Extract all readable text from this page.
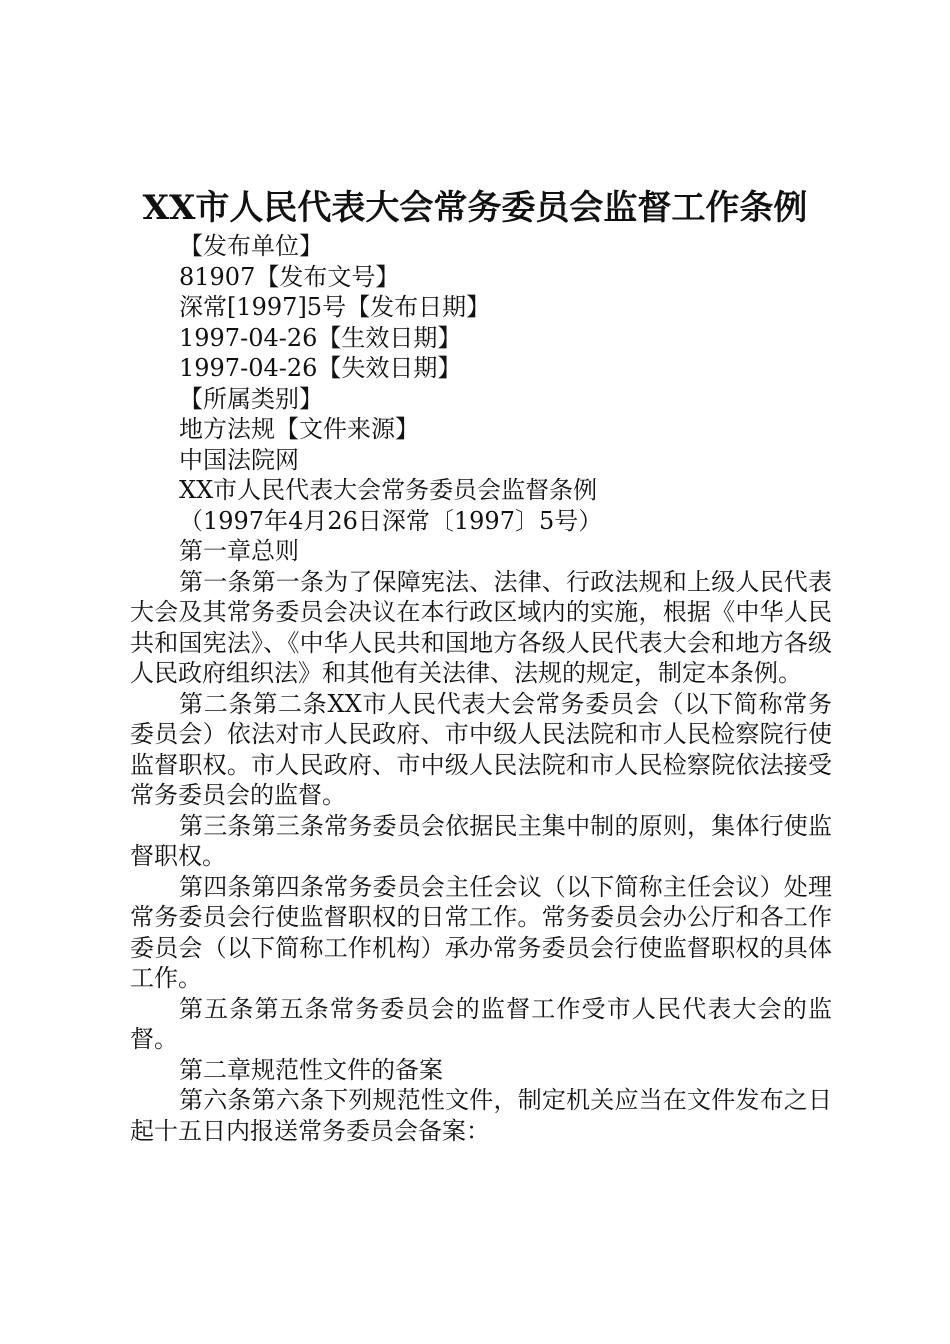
XX市人民代表大会常务委员会监督工作条例

【发布单位】

81907【发布文号】

深常[1997]5号【发布日期】

1997-04-26【生效日期】

1997-04-26【失效日期】

【所属类别】

地方法规【文件来源】

中国法院网

XX市人民代表大会常务委员会监督条例

（1997年4月26日深常〔1997〕5号）

第一章总则

第一条第一条为了保障宪法、法律、行政法规和上级人民代表大会及其常务委员会决议在本行政区域内的实施，根据《中华人民共和国宪法》、《中华人民共和国地方各级人民代表大会和地方各级人民政府组织法》和其他有关法律、法规的规定，制定本条例。

第二条第二条XX市人民代表大会常务委员会（以下简称常务委员会）依法对市人民政府、市中级人民法院和市人民检察院行使监督职权。市人民政府、市中级人民法院和市人民检察院依法接受常务委员会的监督。

第三条第三条常务委员会依据民主集中制的原则，集体行使监督职权。

第四条第四条常务委员会主任会议（以下简称主任会议）处理常务委员会行使监督职权的日常工作。常务委员会办公厅和各工作委员会（以下简称工作机构）承办常务委员会行使监督职权的具体工作。

第五条第五条常务委员会的监督工作受市人民代表大会的监督。

第二章规范性文件的备案

第六条第六条下列规范性文件，制定机关应当在文件发布之日起十五日内报送常务委员会备案：
